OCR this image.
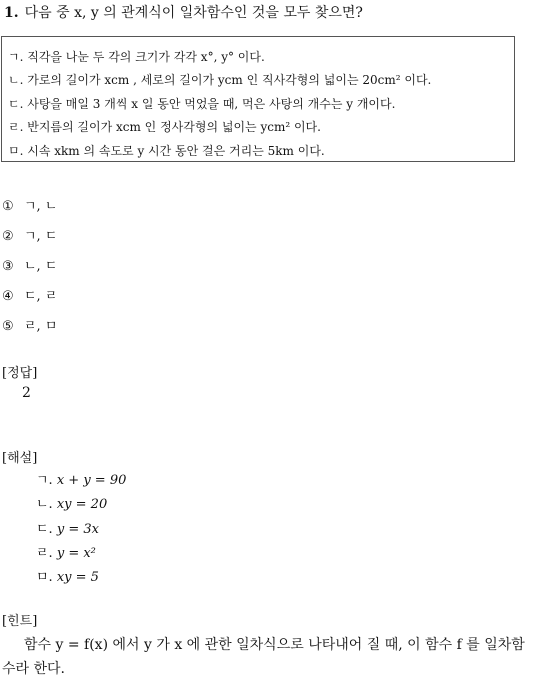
1. 다음 중 x, y 의 관계식이 일차함수인 것을 모두 찾으면?
ㄱ. 직각을 나눈 두 각의 크기가 각각 x°, y° 이다.
ㄴ. 가로의 길이가 xcm , 세로의 길이가 ycm 인 직사각형의 넓이는 20cm² 이다.
ㄷ. 사탕을 매일 3 개씩 x 일 동안 먹었을 때, 먹은 사탕의 개수는 y 개이다.
ㄹ. 반지름의 길이가 xcm 인 정사각형의 넓이는 ycm² 이다.
ㅁ. 시속 xkm 의 속도로 y 시간 동안 걸은 거리는 5km 이다.
① ㄱ, ㄴ
② ㄱ, ㄷ
③ ㄴ, ㄷ
④ ㄷ, ㄹ
⑤ ㄹ, ㅁ
[정답]
2
[해설]
ㄱ. x + y = 90
ㄴ. xy = 20
ㄷ. y = 3x
ㄹ. y = x²
ㅁ. xy = 5
[힌트]
함수 y = f(x) 에서 y 가 x 에 관한 일차식으로 나타내어 질 때, 이 함수 f 를 일차함수라 한다.
